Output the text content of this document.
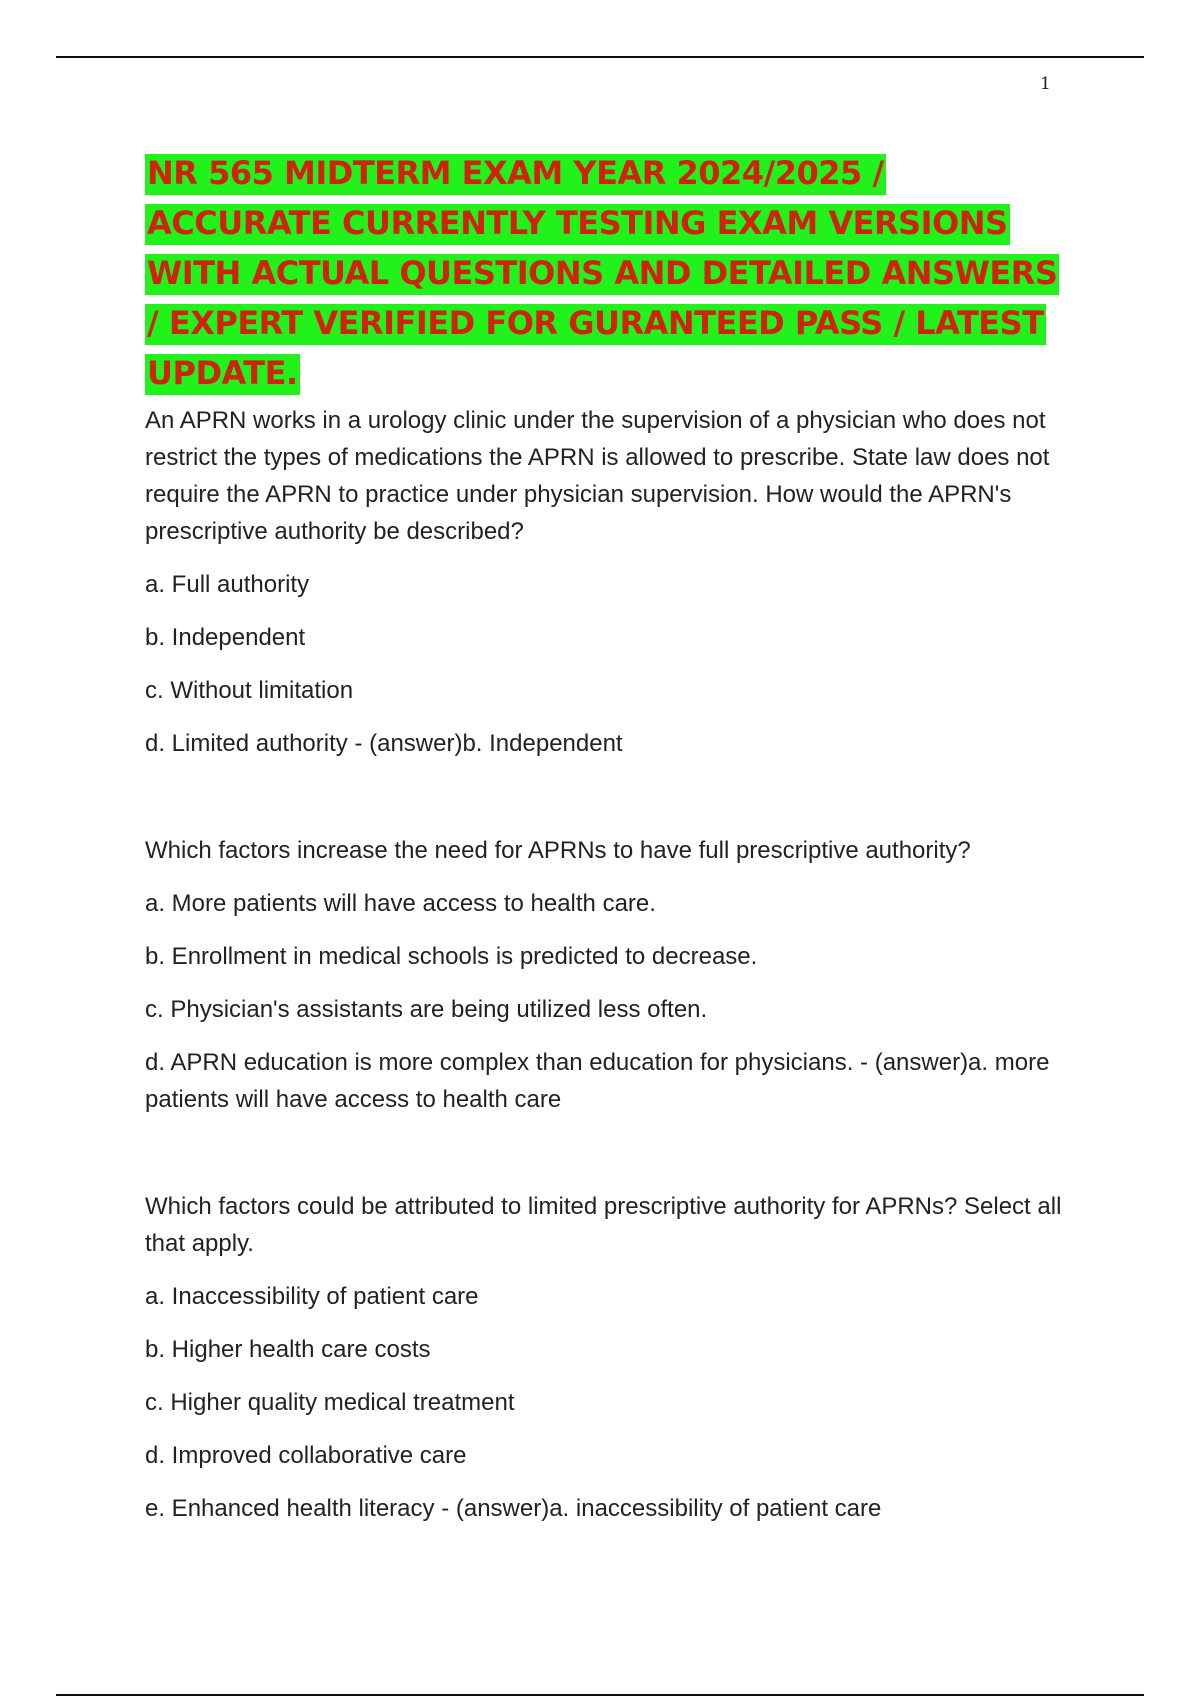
1
NR 565 MIDTERM EXAM YEAR 2024/2025 / ACCURATE CURRENTLY TESTING EXAM VERSIONS WITH ACTUAL QUESTIONS AND DETAILED ANSWERS / EXPERT VERIFIED FOR GURANTEED PASS / LATEST UPDATE.

An APRN works in a urology clinic under the supervision of a physician who does not restrict the types of medications the APRN is allowed to prescribe. State law does not require the APRN to practice under physician supervision. How would the APRN's prescriptive authority be described?

a. Full authority

b. Independent

c. Without limitation

d. Limited authority - (answer)b. Independent

Which factors increase the need for APRNs to have full prescriptive authority?

a. More patients will have access to health care.

b. Enrollment in medical schools is predicted to decrease.

c. Physician's assistants are being utilized less often.

d. APRN education is more complex than education for physicians. - (answer)a. more patients will have access to health care

Which factors could be attributed to limited prescriptive authority for APRNs? Select all that apply.

a. Inaccessibility of patient care

b. Higher health care costs

c. Higher quality medical treatment

d. Improved collaborative care

e. Enhanced health literacy - (answer)a. inaccessibility of patient care
